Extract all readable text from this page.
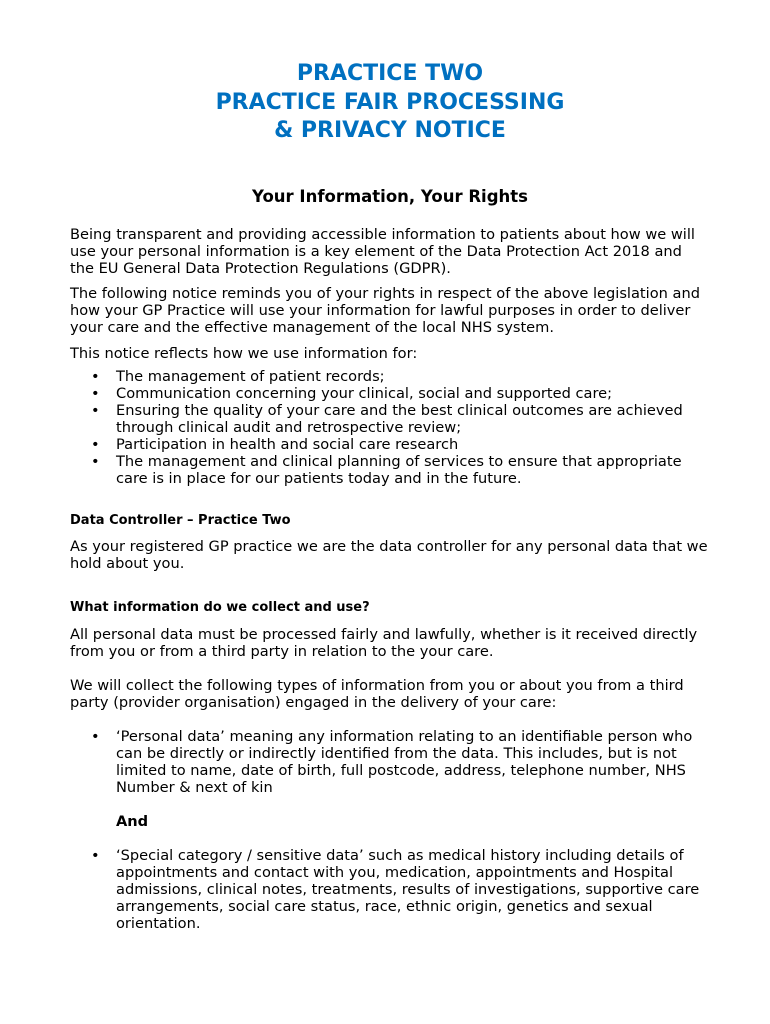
PRACTICE TWO
PRACTICE FAIR PROCESSING
& PRIVACY NOTICE
Your Information, Your Rights

Being transparent and providing accessible information to patients about how we will use your personal information is a key element of the Data Protection Act 2018 and the EU General Data Protection Regulations (GDPR).

The following notice reminds you of your rights in respect of the above legislation and how your GP Practice will use your information for lawful purposes in order to deliver your care and the effective management of the local NHS system.

This notice reflects how we use information for:

• The management of patient records;
• Communication concerning your clinical, social and supported care;
• Ensuring the quality of your care and the best clinical outcomes are achieved through clinical audit and retrospective review;
• Participation in health and social care research
• The management and clinical planning of services to ensure that appropriate care is in place for our patients today and in the future.
Data Controller – Practice Two

As your registered GP practice we are the data controller for any personal data that we hold about you.

What information do we collect and use?

All personal data must be processed fairly and lawfully, whether is it received directly from you or from a third party in relation to the your care.

We will collect the following types of information from you or about you from a third party (provider organisation) engaged in the delivery of your care:

• ‘Personal data’ meaning any information relating to an identifiable person who can be directly or indirectly identified from the data. This includes, but is not limited to name, date of birth, full postcode, address, telephone number, NHS Number & next of kin
And
• ‘Special category / sensitive data’ such as medical history including details of appointments and contact with you, medication, appointments and Hospital admissions, clinical notes, treatments, results of investigations, supportive care arrangements, social care status, race, ethnic origin, genetics and sexual orientation.
